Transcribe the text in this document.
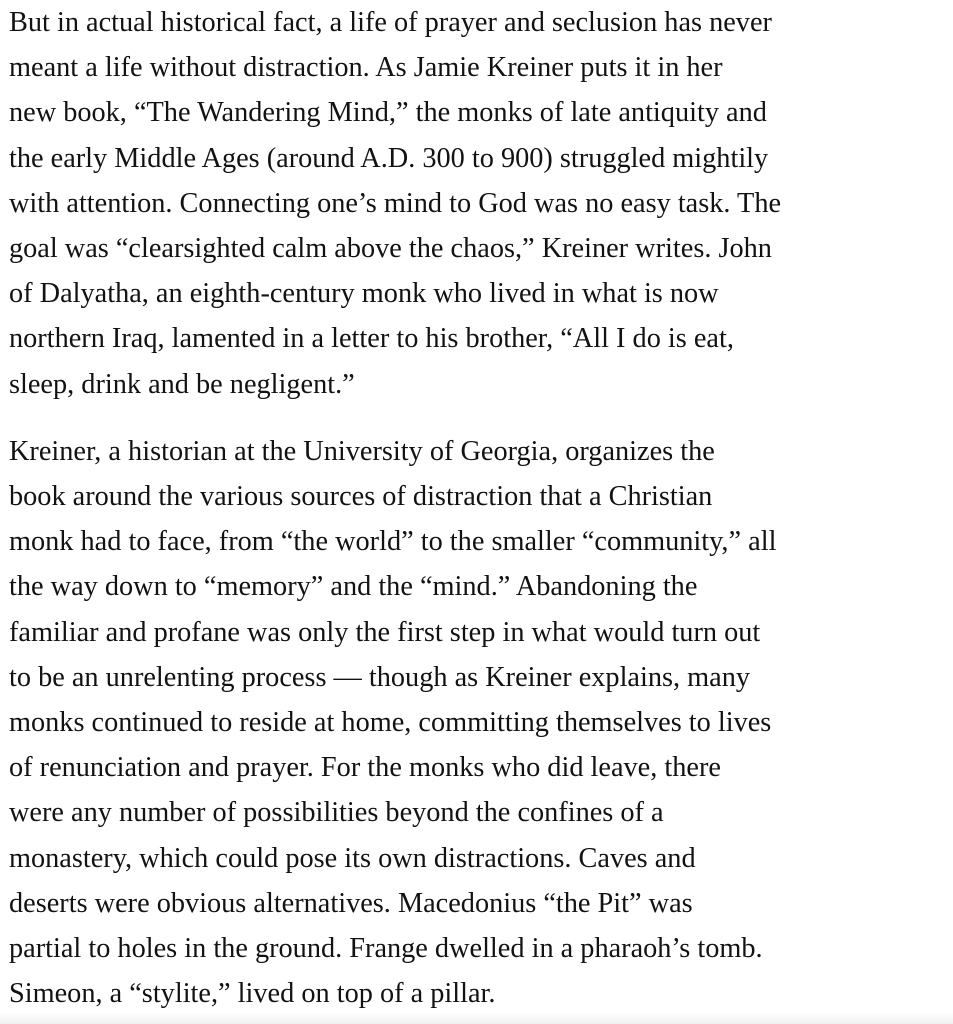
But in actual historical fact, a life of prayer and seclusion has never
meant a life without distraction. As Jamie Kreiner puts it in her
new book, “The Wandering Mind,” the monks of late antiquity and
the early Middle Ages (around A.D. 300 to 900) struggled mightily
with attention. Connecting one’s mind to God was no easy task. The
goal was “clearsighted calm above the chaos,” Kreiner writes. John
of Dalyatha, an eighth-century monk who lived in what is now
northern Iraq, lamented in a letter to his brother, “All I do is eat,
sleep, drink and be negligent.”

Kreiner, a historian at the University of Georgia, organizes the
book around the various sources of distraction that a Christian
monk had to face, from “the world” to the smaller “community,” all
the way down to “memory” and the “mind.” Abandoning the
familiar and profane was only the first step in what would turn out
to be an unrelenting process — though as Kreiner explains, many
monks continued to reside at home, committing themselves to lives
of renunciation and prayer. For the monks who did leave, there
were any number of possibilities beyond the confines of a
monastery, which could pose its own distractions. Caves and
deserts were obvious alternatives. Macedonius “the Pit” was
partial to holes in the ground. Frange dwelled in a pharaoh’s tomb.
Simeon, a “stylite,” lived on top of a pillar.
